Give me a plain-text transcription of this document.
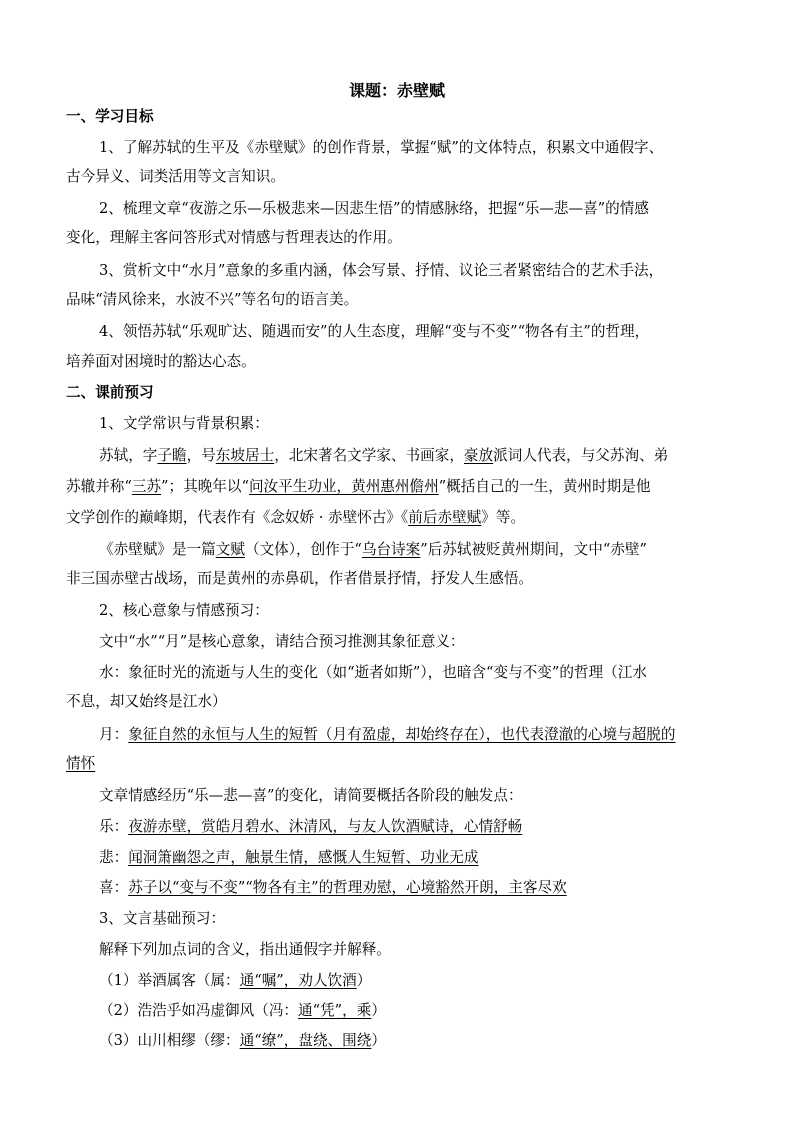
课题：赤壁赋
一、学习目标
1、了解苏轼的生平及《赤壁赋》的创作背景，掌握“赋”的文体特点，积累文中通假字、
古今异义、词类活用等文言知识。
2、梳理文章“夜游之乐—乐极悲来—因悲生悟”的情感脉络，把握“乐—悲—喜”的情感
变化，理解主客问答形式对情感与哲理表达的作用。
3、赏析文中“水月”意象的多重内涵，体会写景、抒情、议论三者紧密结合的艺术手法，
品味“清风徐来，水波不兴”等名句的语言美。
4、领悟苏轼“乐观旷达、随遇而安”的人生态度，理解“变与不变”“物各有主”的哲理，
培养面对困境时的豁达心态。
二、课前预习
1、文学常识与背景积累：
苏轼，字子瞻，号东坡居士，北宋著名文学家、书画家，豪放派词人代表，与父苏洵、弟
苏辙并称“三苏”；其晚年以“问汝平生功业，黄州惠州儋州”概括自己的一生，黄州时期是他
文学创作的巅峰期，代表作有《念奴娇 · 赤壁怀古》《前后赤壁赋》等。
《赤壁赋》是一篇文赋（文体），创作于“乌台诗案”后苏轼被贬黄州期间，文中“赤壁”
非三国赤壁古战场，而是黄州的赤鼻矶，作者借景抒情，抒发人生感悟。
2、核心意象与情感预习：
文中“水”“月”是核心意象，请结合预习推测其象征意义：
水：象征时光的流逝与人生的变化（如“逝者如斯”），也暗含“变与不变”的哲理（江水
不息，却又始终是江水）
月：象征自然的永恒与人生的短暂（月有盈虚，却始终存在），也代表澄澈的心境与超脱的
情怀
文章情感经历“乐—悲—喜”的变化，请简要概括各阶段的触发点：
乐：夜游赤壁，赏皓月碧水、沐清风，与友人饮酒赋诗，心情舒畅
悲：闻洞箫幽怨之声，触景生情，感慨人生短暂、功业无成
喜：苏子以“变与不变”“物各有主”的哲理劝慰，心境豁然开朗，主客尽欢
3、文言基础预习：
解释下列加点词的含义，指出通假字并解释。
（1）举酒属客（属：通“嘱”，劝人饮酒）
（2）浩浩乎如冯虚御风（冯：通“凭”，乘）
（3）山川相缪（缪：通“缭”，盘绕、围绕）
